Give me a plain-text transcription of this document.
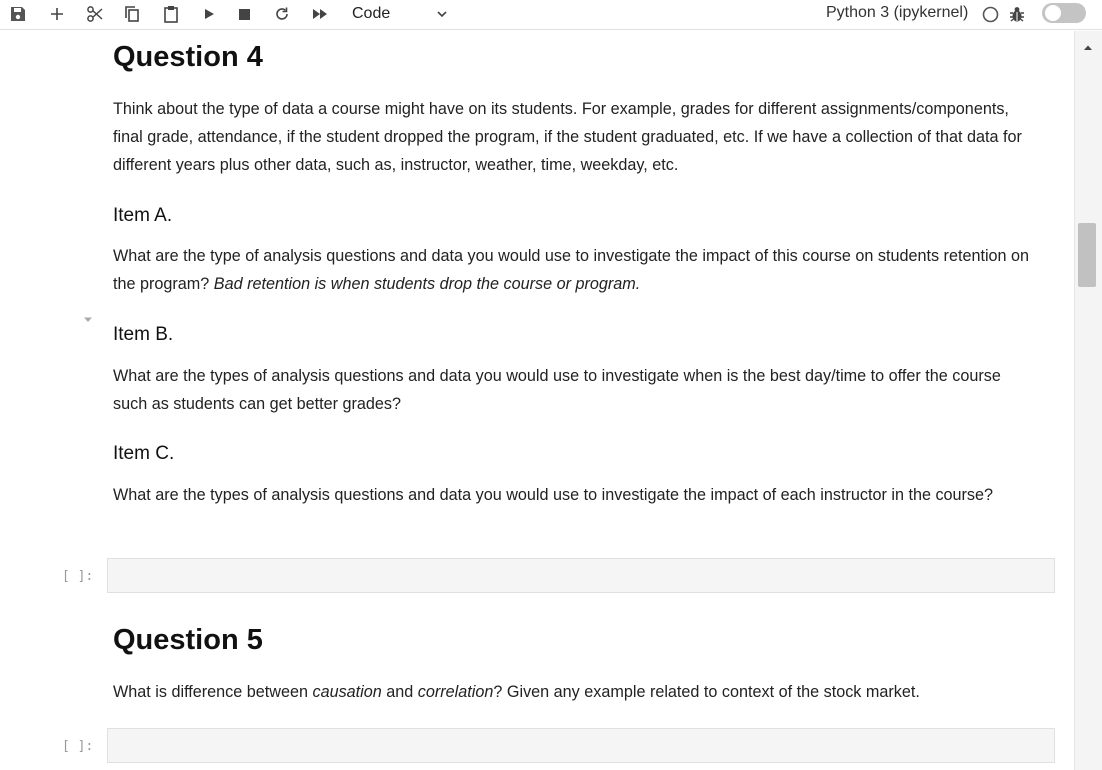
Code	Python 3 (ipykernel)
Question 4

Think about the type of data a course might have on its students. For example, grades for different assignments/components, final grade, attendance, if the student dropped the program, if the student graduated, etc. If we have a collection of that data for different years plus other data, such as, instructor, weather, time, weekday, etc.

Item A.

What are the type of analysis questions and data you would use to investigate the impact of this course on students retention on the program? Bad retention is when students drop the course or program.

Item B.

What are the types of analysis questions and data you would use to investigate when is the best day/time to offer the course such as students can get better grades?

Item C.

What are the types of analysis questions and data you would use to investigate the impact of each instructor in the course?

[ ]:
Question 5

What is difference between causation and correlation? Given any example related to context of the stock market.

[ ]:
